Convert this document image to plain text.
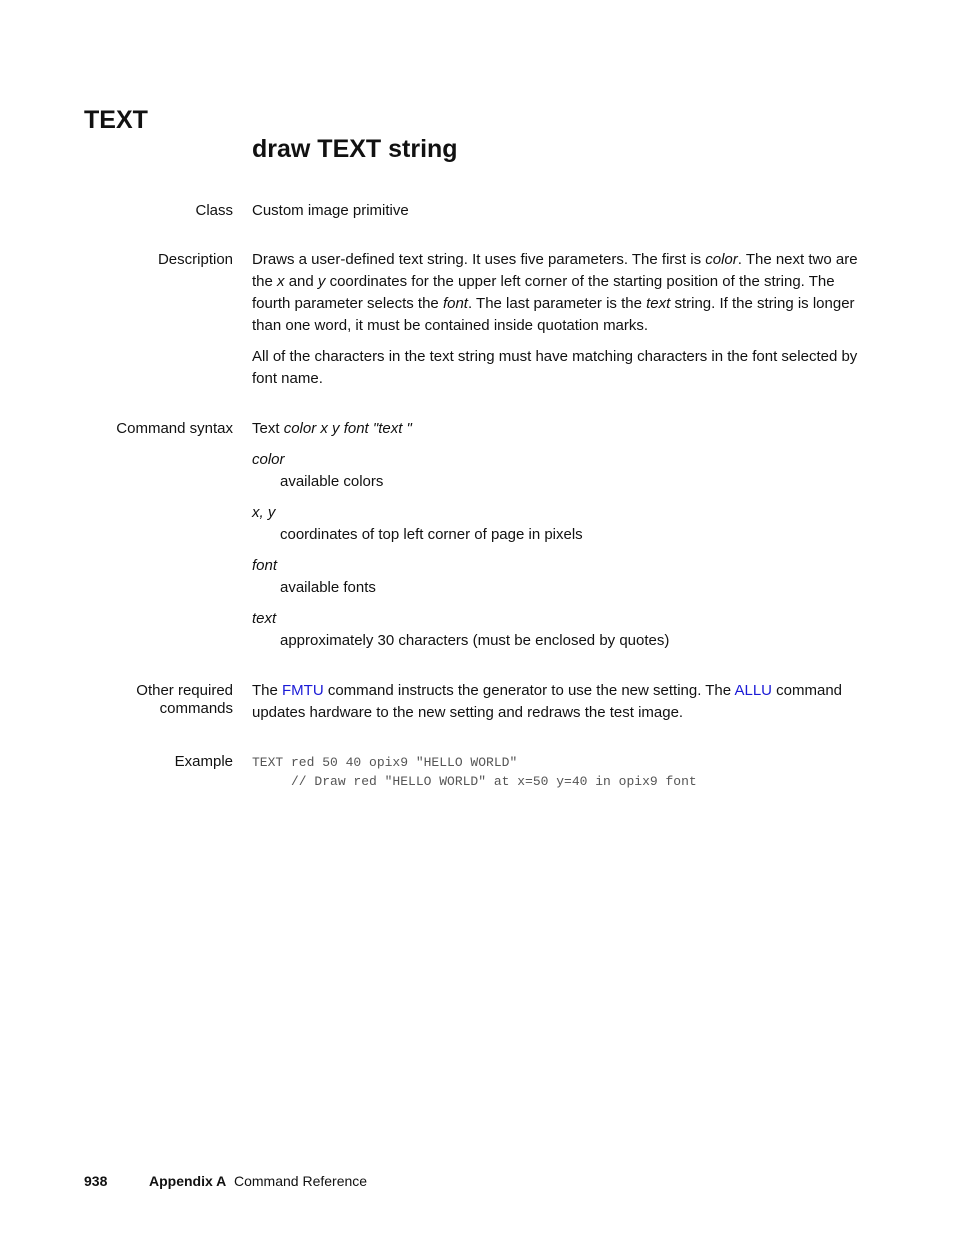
TEXT
draw TEXT string
Class Custom image primitive
Description Draws a user-defined text string. It uses five parameters. The first is color. The next two are the x and y coordinates for the upper left corner of the starting position of the string. The fourth parameter selects the font. The last parameter is the text string. If the string is longer than one word, it must be contained inside quotation marks.

All of the characters in the text string must have matching characters in the font selected by font name.

Command syntax Text color x y font "text "

color

available colors

x, y

coordinates of top left corner of page in pixels

font

available fonts

text

approximately 30 characters (must be enclosed by quotes)

Other required
commands

The FMTU command instructs the generator to use the new setting. The ALLU command updates hardware to the new setting and redraws the test image.

Example TEXT red 50 40 opix9 "HELLO WORLD"
// Draw red "HELLO WORLD" at x=50 y=40 in opix9 font
938	Appendix A Command Reference
